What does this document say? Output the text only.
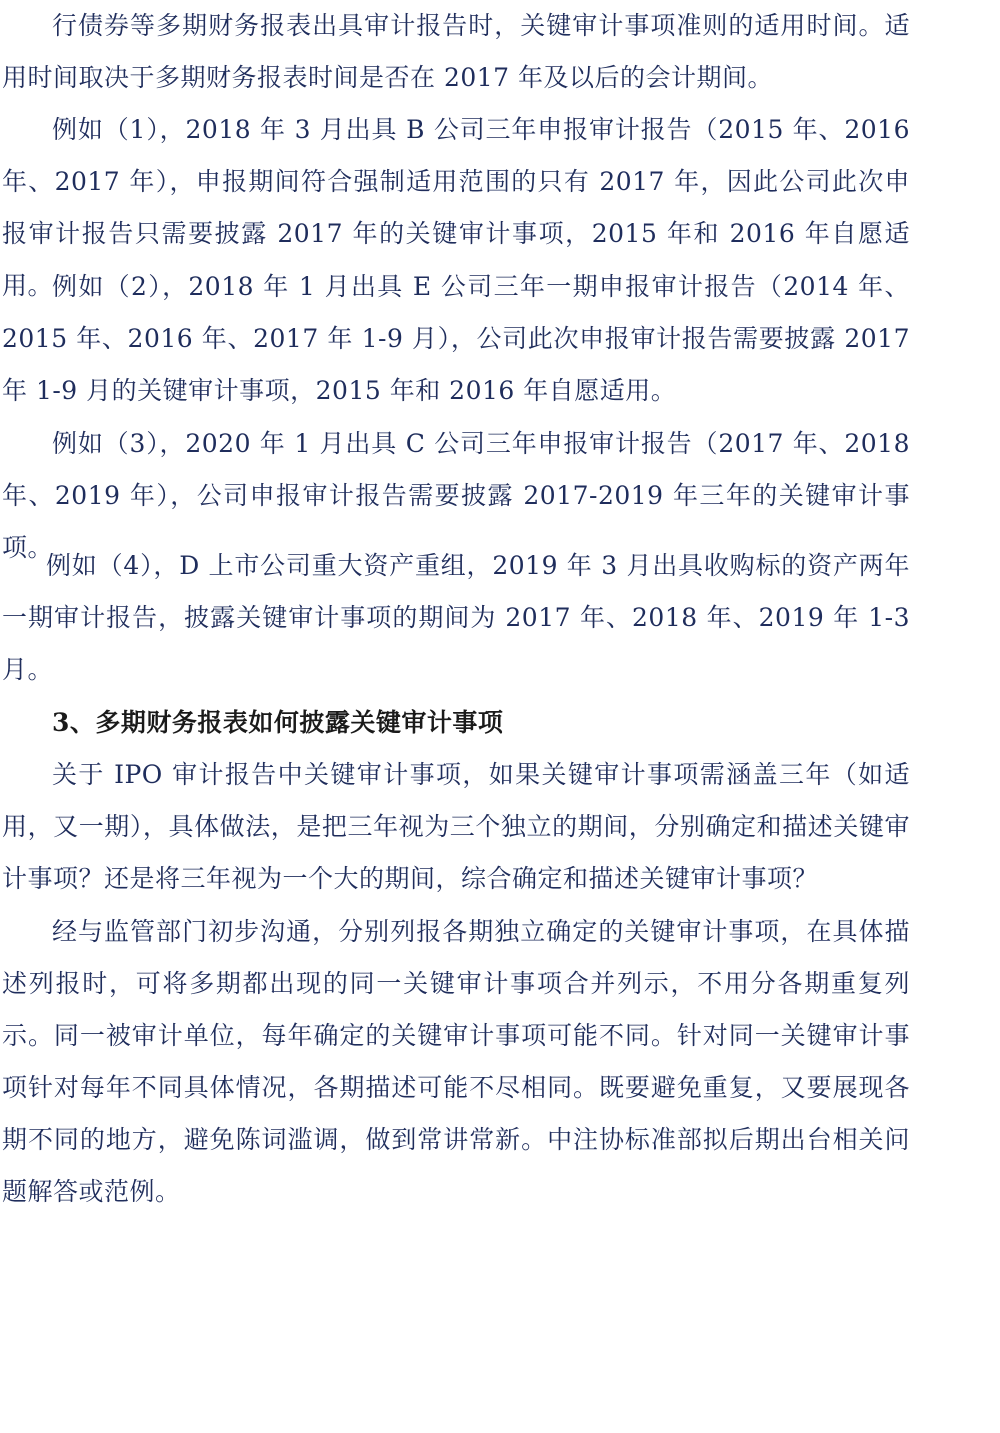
行债券等多期财务报表出具审计报告时，关键审计事项准则的适用时间。适用时间取决于多期财务报表时间是否在 2017 年及以后的会计期间。

例如（1），2018 年 3 月出具 B 公司三年申报审计报告（2015 年、2016 年、2017 年），申报期间符合强制适用范围的只有 2017 年，因此公司此次申报审计报告只需要披露 2017 年的关键审计事项，2015 年和 2016 年自愿适用。

例如（2），2018 年 1 月出具 E 公司三年一期申报审计报告（2014 年、2015 年、2016 年、2017 年 1-9 月），公司此次申报审计报告需要披露 2017 年 1-9 月的关键审计事项，2015 年和 2016 年自愿适用。

例如（3），2020 年 1 月出具 C 公司三年申报审计报告（2017 年、2018 年、2019 年），公司申报审计报告需要披露 2017-2019 年三年的关键审计事项。

例如（4），D 上市公司重大资产重组，2019 年 3 月出具收购标的资产两年一期审计报告，披露关键审计事项的期间为 2017 年、2018 年、2019 年 1-3 月。

3、多期财务报表如何披露关键审计事项

关于 IPO 审计报告中关键审计事项，如果关键审计事项需涵盖三年（如适用，又一期），具体做法，是把三年视为三个独立的期间，分别确定和描述关键审计事项？还是将三年视为一个大的期间，综合确定和描述关键审计事项？

经与监管部门初步沟通，分别列报各期独立确定的关键审计事项，在具体描述列报时，可将多期都出现的同一关键审计事项合并列示，不用分各期重复列示。同一被审计单位，每年确定的关键审计事项可能不同。针对同一关键审计事项针对每年不同具体情况，各期描述可能不尽相同。既要避免重复，又要展现各期不同的地方，避免陈词滥调，做到常讲常新。中注协标准部拟后期出台相关问题解答或范例。
